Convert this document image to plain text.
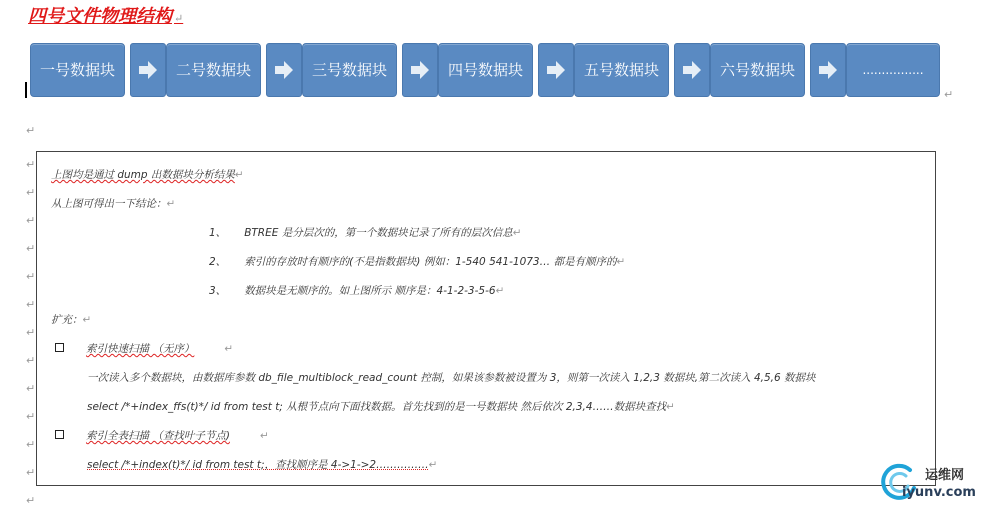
四号文件物理结构 ↵
一号数据块	二号数据块	三号数据块	四号数据块	五号数据块	六号数据块	................
↵
↵
↵
↵
↵
↵
↵
↵
↵
↵
↵
↵
↵
↵
↵
上图均是通过 dump 出数据块分析结果↵
从上图可得出一下结论：↵
1、 BTREE 是分层次的，第一个数据块记录了所有的层次信息↵
2、 索引的存放时有顺序的(不是指数据块) 例如：1-540 541-1073… 都是有顺序的↵
3、 数据块是无顺序的。如上图所示 顺序是：4-1-2-3-5-6↵
扩充：↵
索引快速扫描 （无序）	↵
一次读入多个数据块，由数据库参数 db_file_multiblock_read_count 控制，如果该参数被设置为 3，则第一次读入 1,2,3 数据块,第二次读入 4,5,6 数据块
select /*+index_ffs(t)*/ id from test t; 从根节点向下面找数据。首先找到的是一号数据块 然后依次 2,3,4……数据块查找↵
索引全表扫描 （查找叶子节点)	↵
select /*+index(t)*/ id from test t;，查找顺序是 4->1->2……………↵
运维网
iyunv.com
